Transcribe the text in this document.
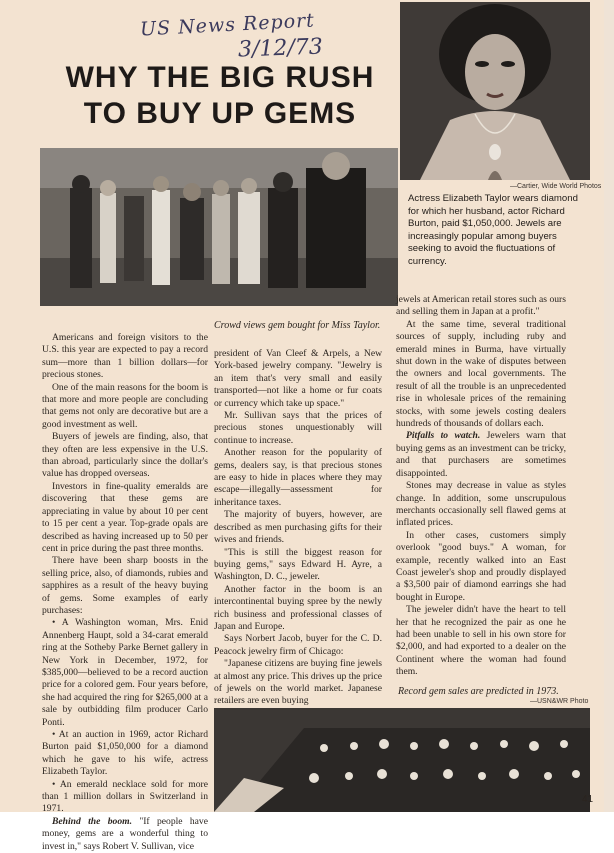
US News Report
3/12/73
WHY THE BIG RUSH
TO BUY UP GEMS
—Cartier, Wide World Photos
Actress Elizabeth Taylor wears diamond for which her husband, actor Richard Burton, paid $1,050,000. Jewels are increasingly popular among buyers seeking to avoid the fluctuations of currency.
Crowd views gem bought for Miss Taylor.

Americans and foreign visitors to the U.S. this year are expected to pay a record sum—more than 1 billion dollars—for precious stones.

One of the main reasons for the boom is that more and more people are concluding that gems not only are decorative but are a good investment as well.

Buyers of jewels are finding, also, that they often are less expensive in the U.S. than abroad, particularly since the dollar's value has dropped overseas.

Investors in fine-quality emeralds are discovering that these gems are appreciating in value by about 10 per cent to 15 per cent a year. Top-grade opals are described as having increased up to 50 per cent in price during the past three months.

There have been sharp boosts in the selling price, also, of diamonds, rubies and sapphires as a result of the heavy buying of gems. Some examples of early purchases:

• A Washington woman, Mrs. Enid Annenberg Haupt, sold a 34-carat emerald ring at the Sotheby Parke Bernet gallery in New York in December, 1972, for $385,000—believed to be a record auction price for a colored gem. Four years before, she had acquired the ring for $265,000 at a sale by outbidding film producer Carlo Ponti.

• At an auction in 1969, actor Richard Burton paid $1,050,000 for a diamond which he gave to his wife, actress Elizabeth Taylor.

• An emerald necklace sold for more than 1 million dollars in Switzerland in 1971.

Behind the boom. "If people have money, gems are a wonderful thing to invest in," says Robert V. Sullivan, vice

president of Van Cleef & Arpels, a New York-based jewelry company. "Jewelry is an item that's very small and easily transported—not like a home or fur coats or currency which take up space."

Mr. Sullivan says that the prices of precious stones unquestionably will continue to increase.

Another reason for the popularity of gems, dealers say, is that precious stones are easy to hide in places where they may escape—illegally—assessment for inheritance taxes.

The majority of buyers, however, are described as men purchasing gifts for their wives and friends.

"This is still the biggest reason for buying gems," says Edward H. Ayre, a Washington, D. C., jeweler.

Another factor in the boom is an intercontinental buying spree by the newly rich business and professional classes of Japan and Europe.

Says Norbert Jacob, buyer for the C. D. Peacock jewelry firm of Chicago:

"Japanese citizens are buying fine jewels at almost any price. This drives up the price of jewels on the world market. Japanese retailers are even buying

jewels at American retail stores such as ours and selling them in Japan at a profit."

At the same time, several traditional sources of supply, including ruby and emerald mines in Burma, have virtually shut down in the wake of disputes between the owners and local governments. The result of all the trouble is an unprecedented rise in wholesale prices of the remaining stocks, with some jewels costing dealers hundreds of thousands of dollars each.

Pitfalls to watch. Jewelers warn that buying gems as an investment can be tricky, and that purchasers are sometimes disappointed.

Stones may decrease in value as styles change. In addition, some unscrupulous merchants occasionally sell flawed gems at inflated prices.

In other cases, customers simply overlook "good buys." A woman, for example, recently walked into an East Coast jeweler's shop and proudly displayed a $3,500 pair of diamond earrings she had bought in Europe.

The jeweler didn't have the heart to tell her that he recognized the pair as one he had been unable to sell in his own store for $2,000, and had exported to a dealer on the Continent where the woman had found them.

Record gem sales are predicted in 1973.
—USN&WR Photo
41
